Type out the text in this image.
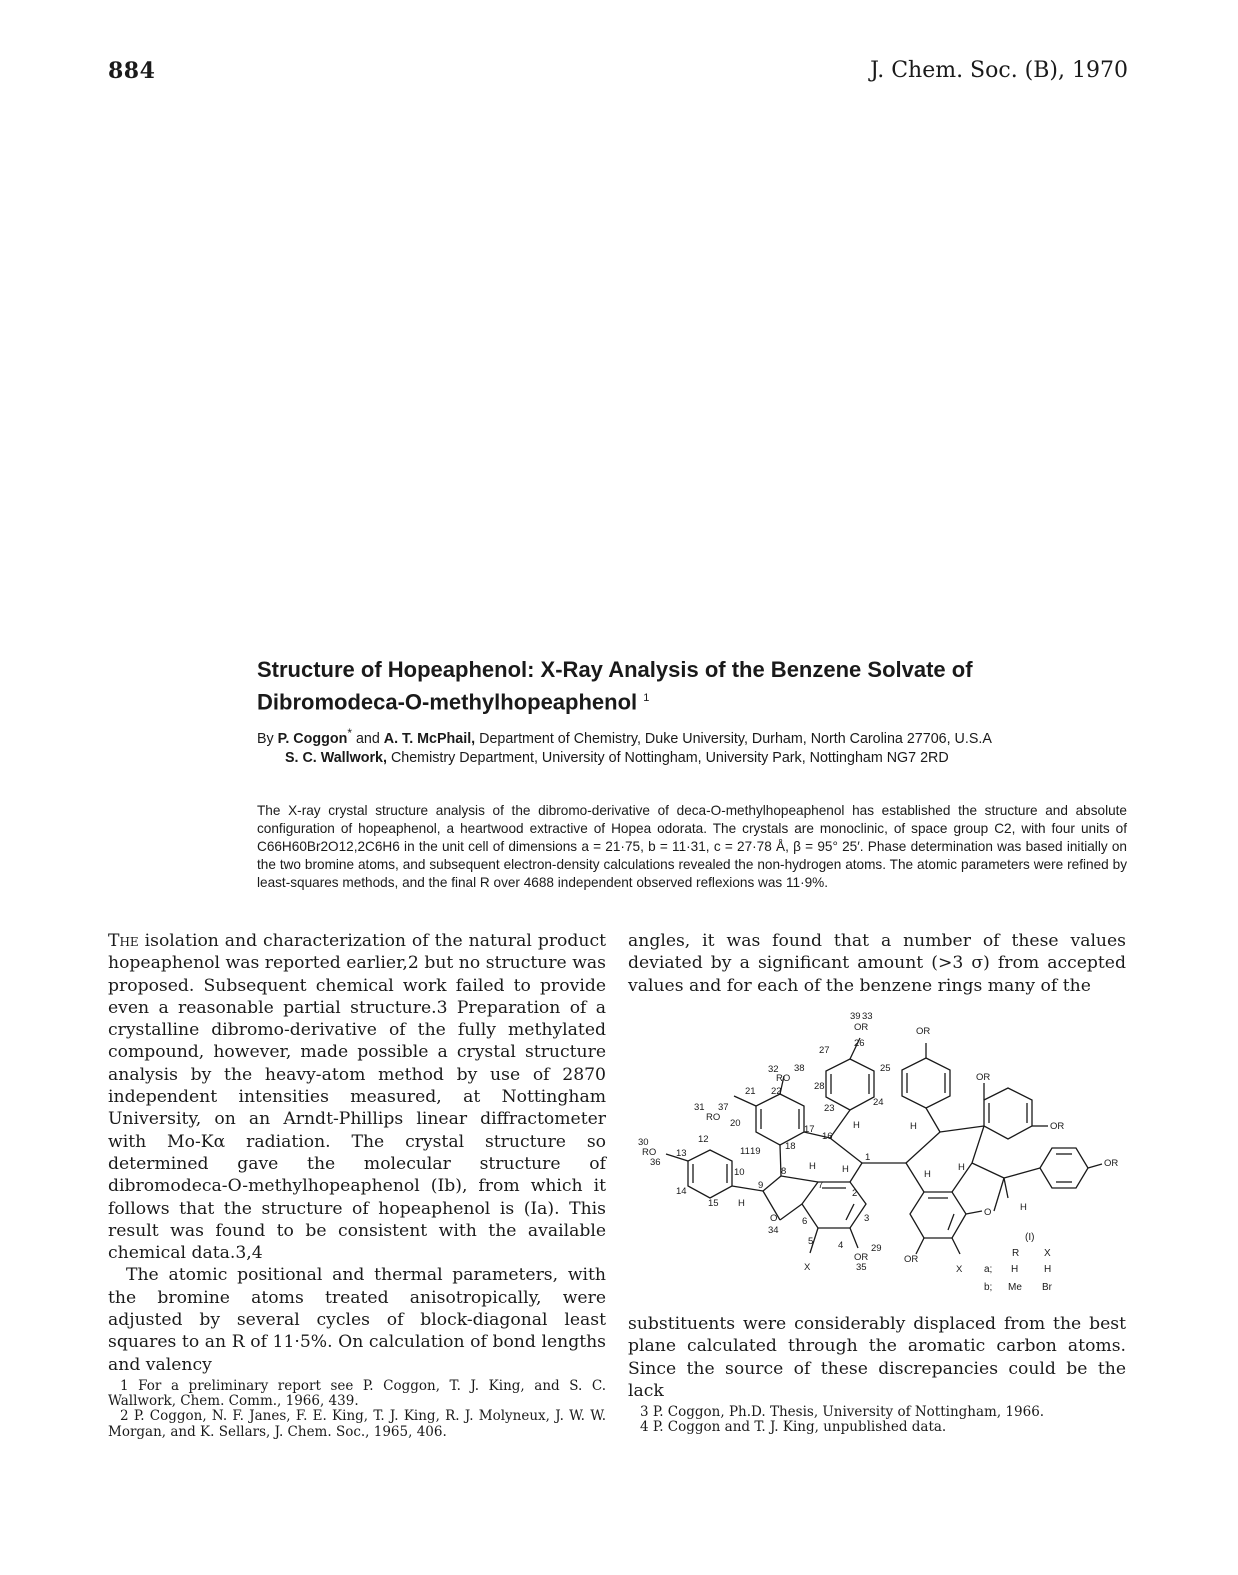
884	J. Chem. Soc. (B), 1970
Structure of Hopeaphenol: X-Ray Analysis of the Benzene Solvate of
Dibromodeca-O-methylhopeaphenol $^1$
By P. Coggon* and A. T. McPhail, Department of Chemistry, Duke University, Durham, North Carolina 27706, U.S.A
S. C. Wallwork, Chemistry Department, University of Nottingham, University Park, Nottingham NG7 2RD
The X-ray crystal structure analysis of the dibromo-derivative of deca-O-methylhopeaphenol has established the structure and absolute configuration of hopeaphenol, a heartwood extractive of Hopea odorata. The crystals are monoclinic, of space group C2, with four units of C66H60Br2O12,2C6H6 in the unit cell of dimensions a = 21·75, b = 11·31, c = 27·78 Å, β = 95° 25′. Phase determination was based initially on the two bromine atoms, and subsequent electron-density calculations revealed the non-hydrogen atoms. The atomic parameters were refined by least-squares methods, and the final R over 4688 independent observed reflexions was 11·9%.

The isolation and characterization of the natural product hopeaphenol was reported earlier,2 but no structure was proposed. Subsequent chemical work failed to provide even a reasonable partial structure.3 Preparation of a crystalline dibromo-derivative of the fully methylated compound, however, made possible a crystal structure analysis by the heavy-atom method by use of 2870 independent intensities measured, at Nottingham University, on an Arndt-Phillips linear diffractometer with Mo-Kα radiation. The crystal structure so determined gave the molecular structure of dibromodeca-O-methylhopeaphenol (Ib), from which it follows that the structure of hopeaphenol is (Ia). This result was found to be consistent with the available chemical data.3,4

The atomic positional and thermal parameters, with the bromine atoms treated anisotropically, were adjusted by several cycles of block-diagonal least squares to an R of 11·5%. On calculation of bond lengths and valency

1 For a preliminary report see P. Coggon, T. J. King, and S. C. Wallwork, Chem. Comm., 1966, 439.

2 P. Coggon, N. F. Janes, F. E. King, T. J. King, R. J. Molyneux, J. W. W. Morgan, and K. Sellars, J. Chem. Soc., 1965, 406.

angles, it was found that a number of these values deviated by a significant amount (>3 σ) from accepted values and for each of the benzene rings many of the

39 33
OR
26
27
25
28
24
23
OR
32 38
RO
21 22
31 37
RO
20
12
30
RO
36
13	11 19	18
17
16
H
10	8 H
1
H
14
15
9
H
7
2
3
O	6
34
5	4	29
OR
35
X
OR
OR
H
H
H	OR
O	H
OR
X
(I)
R X
a; H	H
b; Me Br

substituents were considerably displaced from the best plane calculated through the aromatic carbon atoms. Since the source of these discrepancies could be the lack

3 P. Coggon, Ph.D. Thesis, University of Nottingham, 1966.

4 P. Coggon and T. J. King, unpublished data.
